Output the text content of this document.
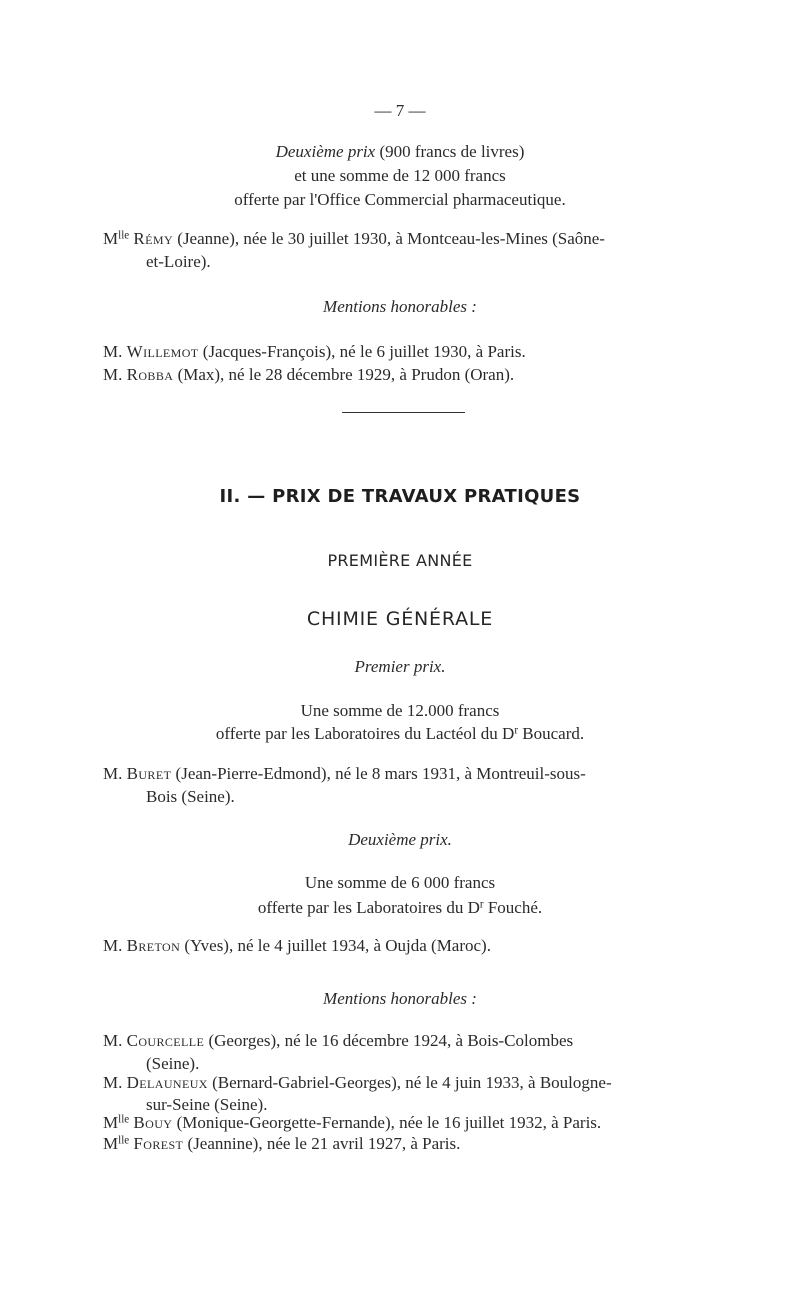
— 7 —
Deuxième prix (900 francs de livres)
et une somme de 12 000 francs
offerte par l'Office Commercial pharmaceutique.
$M^{lle}$ Rémy (Jeanne), née le 30 juillet 1930, à Montceau-les-Mines (Saône-
et-Loire).
Mentions honorables :
M. Willemot (Jacques-François), né le 6 juillet 1930, à Paris.
M. Robba (Max), né le 28 décembre 1929, à Prudon (Oran).
II. — PRIX DE TRAVAUX PRATIQUES
PREMIÈRE ANNÉE
CHIMIE GÉNÉRALE
Premier prix.
Une somme de 12.000 francs
offerte par les Laboratoires du Lactéol du $D^r$ Boucard.
M. Buret (Jean-Pierre-Edmond), né le 8 mars 1931, à Montreuil-sous-
Bois (Seine).
Deuxième prix.
Une somme de 6 000 francs
offerte par les Laboratoires du $D^r$ Fouché.
M. Breton (Yves), né le 4 juillet 1934, à Oujda (Maroc).
Mentions honorables :
M. Courcelle (Georges), né le 16 décembre 1924, à Bois-Colombes
(Seine).
M. Delauneux (Bernard-Gabriel-Georges), né le 4 juin 1933, à Boulogne-
sur-Seine (Seine).
$M^{lle}$ Bouy (Monique-Georgette-Fernande), née le 16 juillet 1932, à Paris.
$M^{lle}$ Forest (Jeannine), née le 21 avril 1927, à Paris.
